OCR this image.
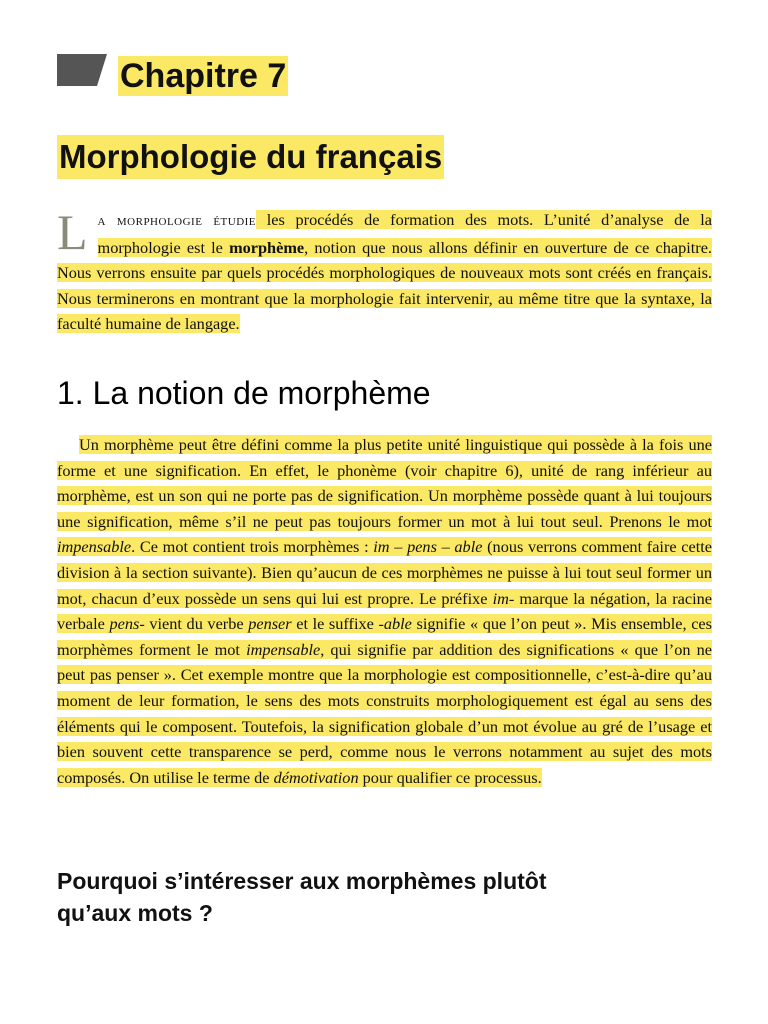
Chapitre 7
Morphologie du français

L a morphologie étudie les procédés de formation des mots. L’unité d’analyse de la morphologie est le morphème, notion que nous allons définir en ouverture de ce chapitre. Nous verrons ensuite par quels procédés morphologiques de nouveaux mots sont créés en français. Nous terminerons en montrant que la morphologie fait intervenir, au même titre que la syntaxe, la faculté humaine de langage.

1. La notion de morphème

Un morphème peut être défini comme la plus petite unité linguistique qui possède à la fois une forme et une signification. En effet, le phonème (voir chapitre 6), unité de rang inférieur au morphème, est un son qui ne porte pas de signification. Un morphème possède quant à lui toujours une signification, même s’il ne peut pas toujours former un mot à lui tout seul. Prenons le mot impensable. Ce mot contient trois morphèmes : im – pens – able (nous verrons comment faire cette division à la section suivante). Bien qu’aucun de ces morphèmes ne puisse à lui tout seul former un mot, chacun d’eux possède un sens qui lui est propre. Le préfixe im- marque la négation, la racine verbale pens- vient du verbe penser et le suffixe -able signifie « que l’on peut ». Mis ensemble, ces morphèmes forment le mot impensable, qui signifie par addition des significations « que l’on ne peut pas penser ». Cet exemple montre que la morphologie est compositionnelle, c’est-à-dire qu’au moment de leur formation, le sens des mots construits morphologiquement est égal au sens des éléments qui le composent. Toutefois, la signification globale d’un mot évolue au gré de l’usage et bien souvent cette transparence se perd, comme nous le verrons notamment au sujet des mots composés. On utilise le terme de démotivation pour qualifier ce processus.

Pourquoi s’intéresser aux morphèmes plutôt qu’aux mots ?
